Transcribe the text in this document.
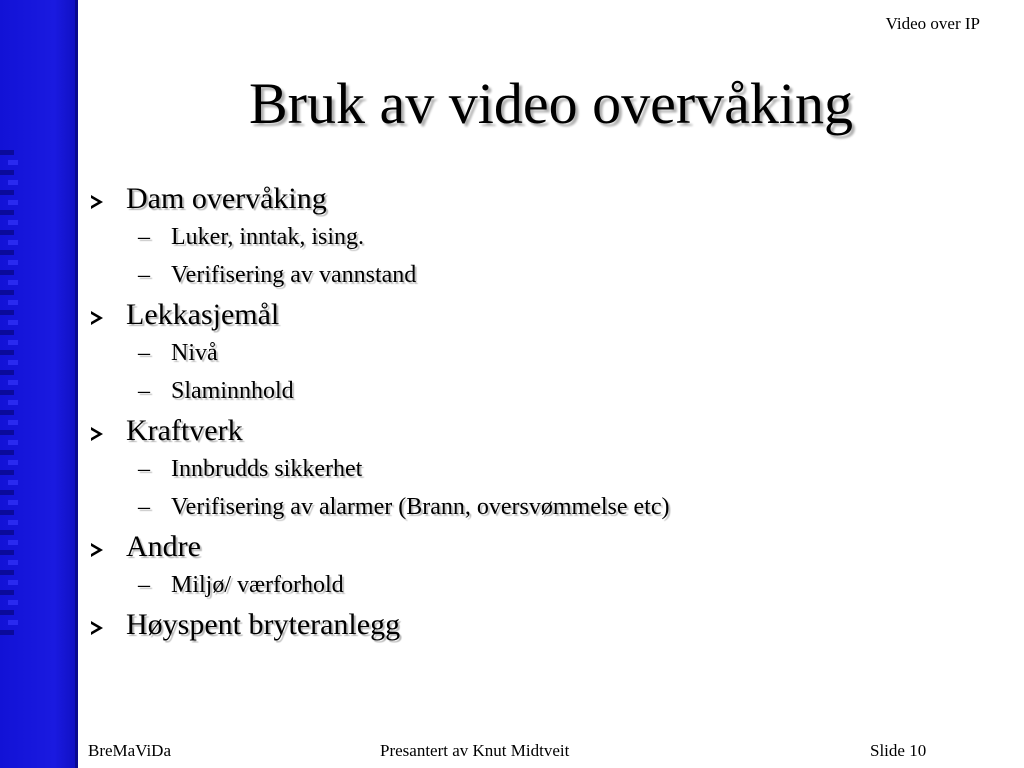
Video over IP
Bruk av video overvåking
Dam overvåking
– Luker, inntak, ising.
– Verifisering av vannstand
Lekkasjemål
– Nivå
– Slaminnhold
Kraftverk
– Innbrudds sikkerhet
– Verifisering av alarmer (Brann, oversvømmelse etc)
Andre
– Miljø/ værforhold
Høyspent bryteranlegg
BreMaViDa	Presantert av Knut Midtveit	Slide 10
